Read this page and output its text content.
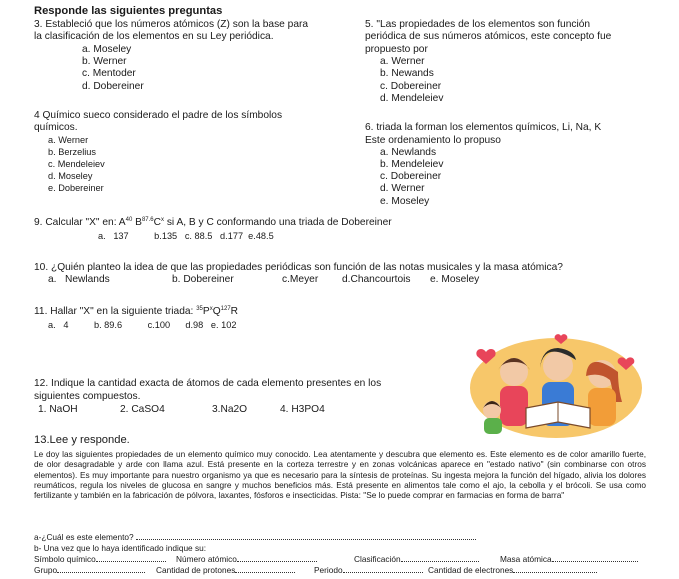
Responde las siguientes preguntas
3. Estableció que los números atómicos (Z) son la base para
la clasificación de los elementos en su Ley periódica.
a. Moseley
b. Werner
c. Mentoder
d. Dobereiner
5. "Las propiedades de los elementos son función
periódica de sus números atómicos, este concepto fue
propuesto por
a. Werner
b. Newands
c. Dobereiner
d. Mendeleiev
4 Químico sueco considerado el padre de los símbolos
químicos.
a. Werner
b. Berzelius
c. Mendeleiev
d. Moseley
e. Dobereiner
6. triada la forman los elementos químicos, Li, Na, K
Este ordenamiento lo propuso
a. Newlands
b. Mendeleiev
c. Dobereiner
d. Werner
e. Moseley
9. Calcular "X" en: $A^{40}$ $B^{87.6}C^x$ si A, B y C conformando una triada de Dobereiner
a.   137          b.135   c. 88.5   d.177  e.48.5
10. ¿Quién planteo la idea de que las propiedades periódicas son función de las notas musicales y la masa atómica?
a.   Newlands	b. Dobereiner	c.Meyer d.Chancourtois e. Moseley
11. Hallar "X" en la siguiente triada: $^{35}P^xQ^{127}R$
a.   4          b. 89.6          c.100      d.98   e. 102
12. Indique la cantidad exacta de átomos de cada elemento presentes en los
siguientes compuestos.
1. NaOH	2. CaSO4	3.Na2O	4. H3PO4
13.Lee y responde.
Le doy las siguientes propiedades de un elemento químico muy conocido. Lea atentamente y descubra que elemento es. Este elemento es de color amarillo fuerte, de olor desagradable y arde con llama azul. Está presente en la corteza terrestre y en zonas volcánicas aparece en "estado nativo" (sin combinarse con otros elementos). Es muy importante para nuestro organismo ya que es necesario para la síntesis de proteínas. Su ingesta mejora la función del hígado, alivia los dolores reumáticos, regula los niveles de glucosa en sangre y muchos beneficios más. Está presente en alimentos tale como el ajo, la cebolla y el brócoli. Se usa como fertilizante y también en la fabricación de pólvora, laxantes, fósforos e insecticidas. Pista: "Se lo puede comprar en farmacias en forma de barra"
a-¿Cuál es este elemento?
b- Una vez que lo haya identificado indique su:
Símbolo químico	Número atómico	Clasificación	Masa atómica
Grupo	Cantidad de protones	Periodo	Cantidad de electrones
